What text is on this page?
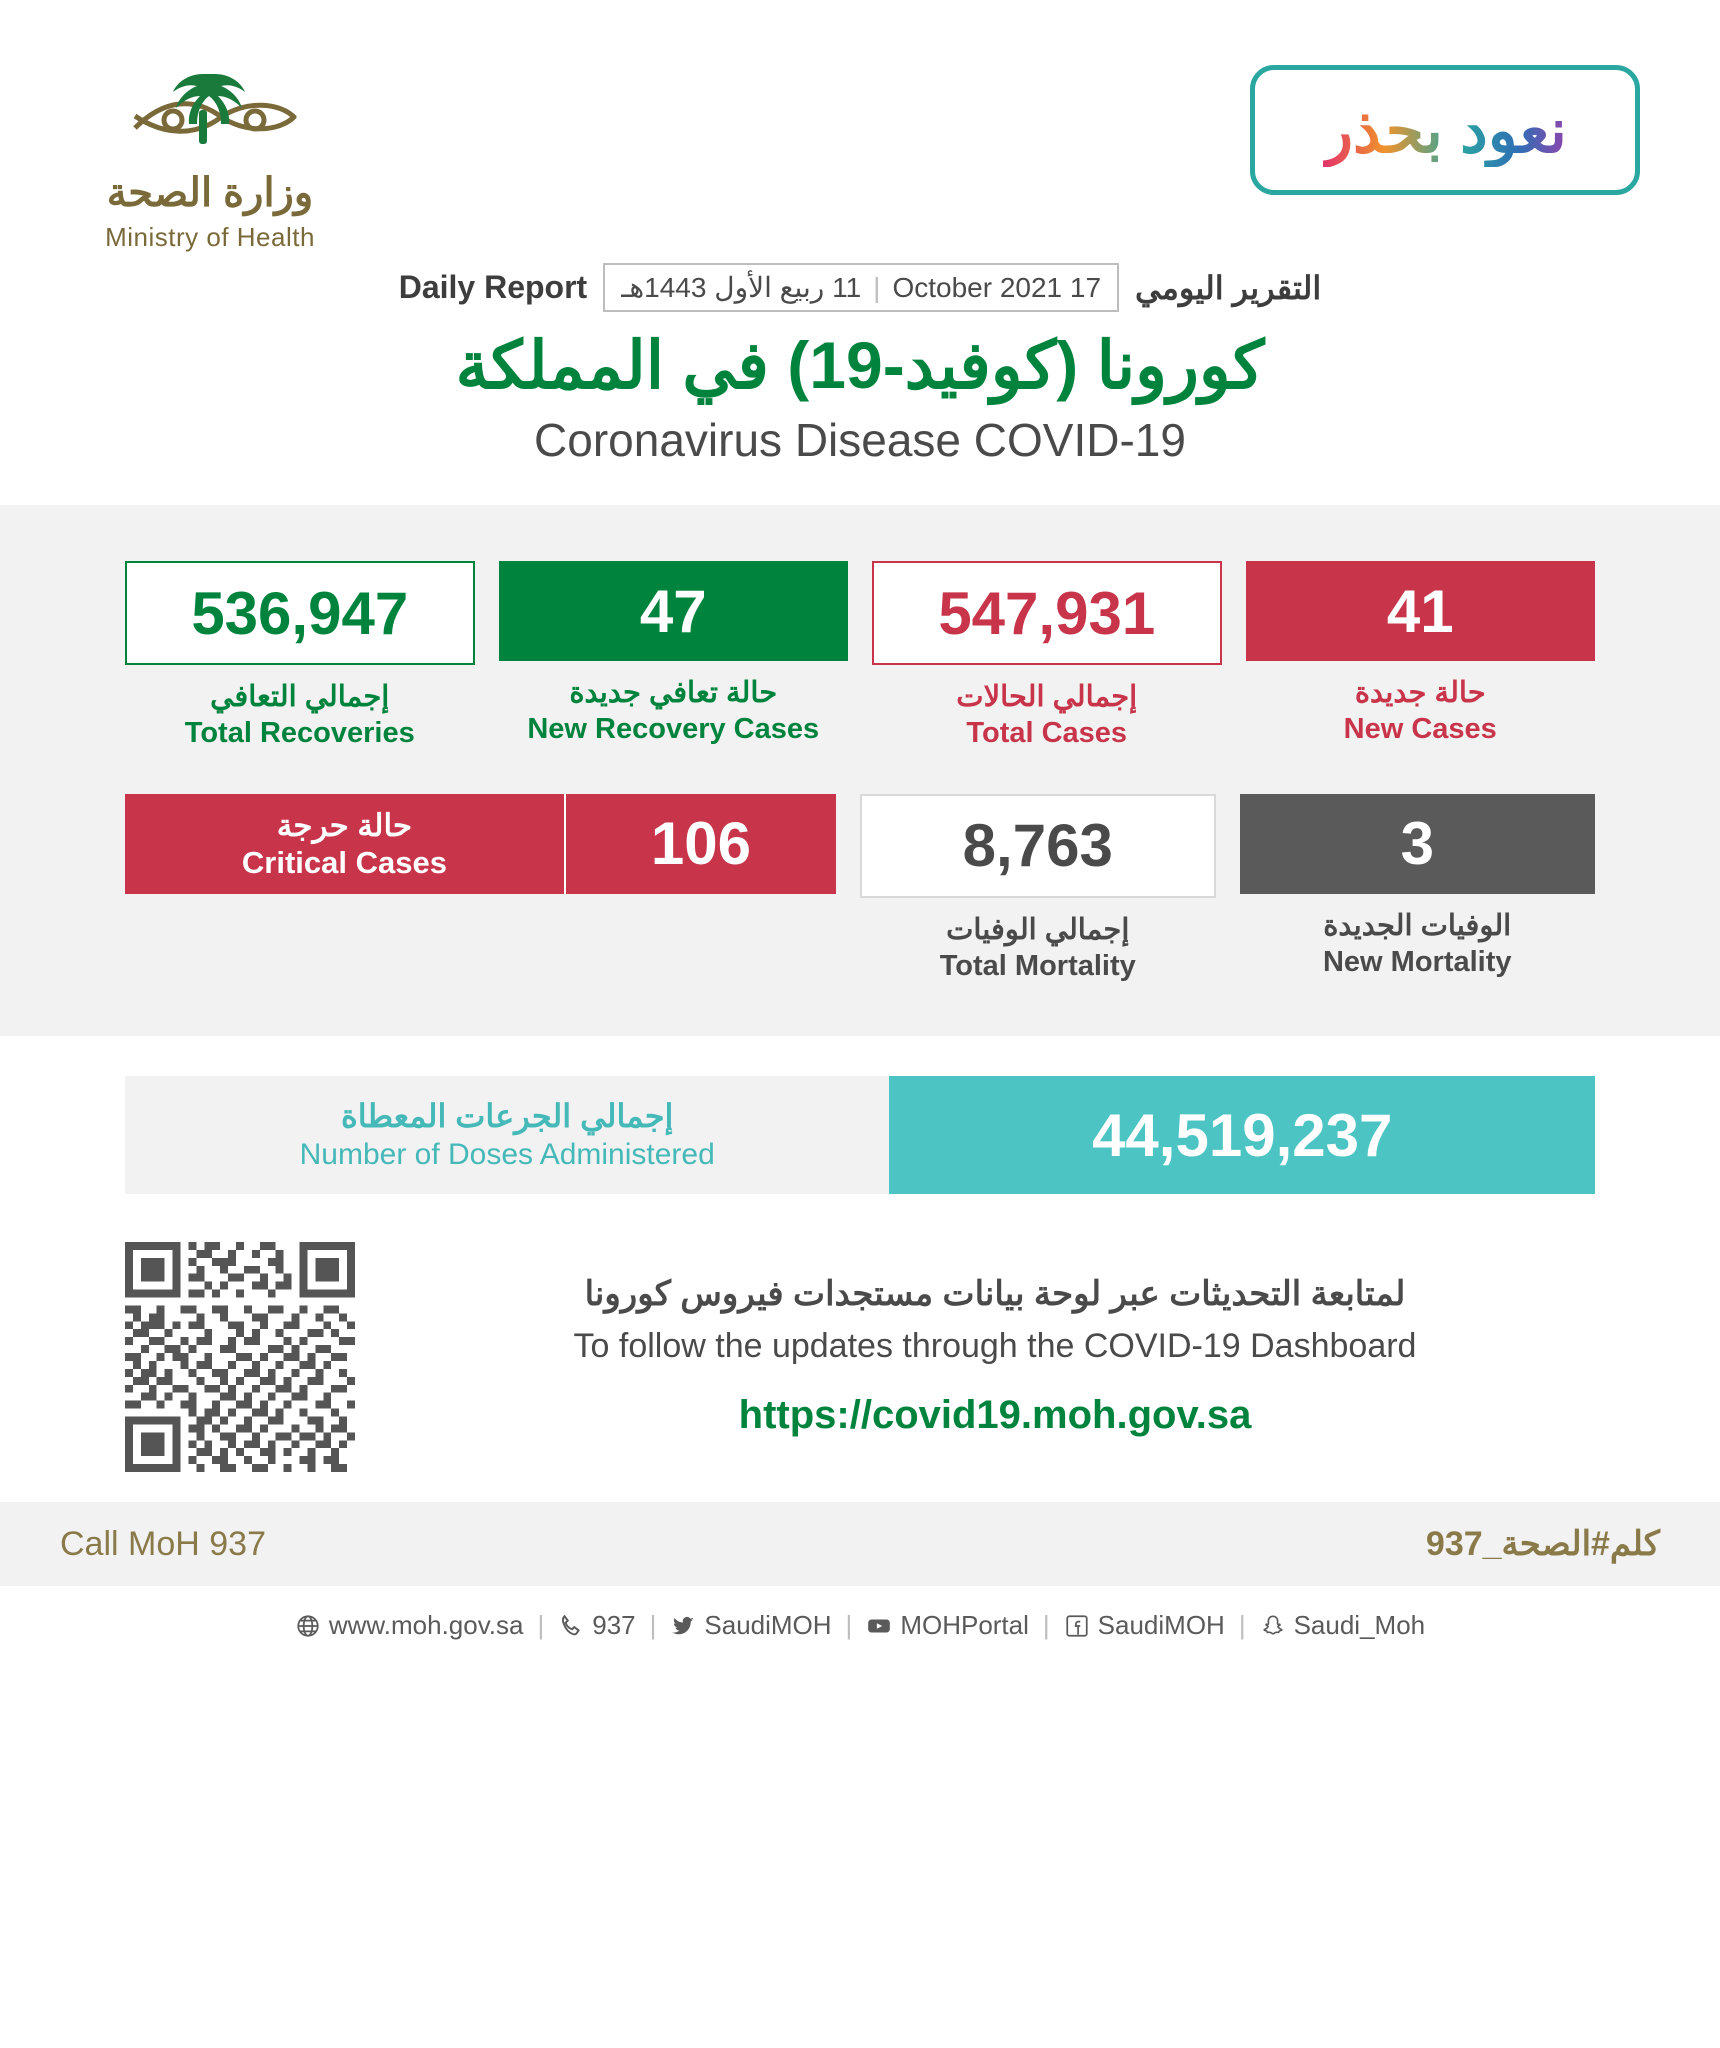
وزارة الصحة
Ministry of Health
نعود بحذر
Daily Report	17 October 2021
|
11 ربيع الأول 1443هـ	التقرير اليومي
كورونا (كوفيد-19) في المملكة
Coronavirus Disease COVID-19
41
حالة جديدة
New Cases
547,931
إجمالي الحالات
Total Cases
47
حالة تعافي جديدة
New Recovery Cases
536,947
إجمالي التعافي
Total Recoveries
3
الوفيات الجديدة
New Mortality
8,763
إجمالي الوفيات
Total Mortality
106
حالة حرجة
Critical Cases
44,519,237
إجمالي الجرعات المعطاة
Number of Doses Administered
لمتابعة التحديثات عبر لوحة بيانات مستجدات فيروس كورونا
To follow the updates through the COVID-19 Dashboard
https://covid19.moh.gov.sa
Call MoH 937	كلم#الصحة_937
www.moh.gov.sa | 937 | SaudiMOH | MOHPortal | SaudiMOH | Saudi_Moh
